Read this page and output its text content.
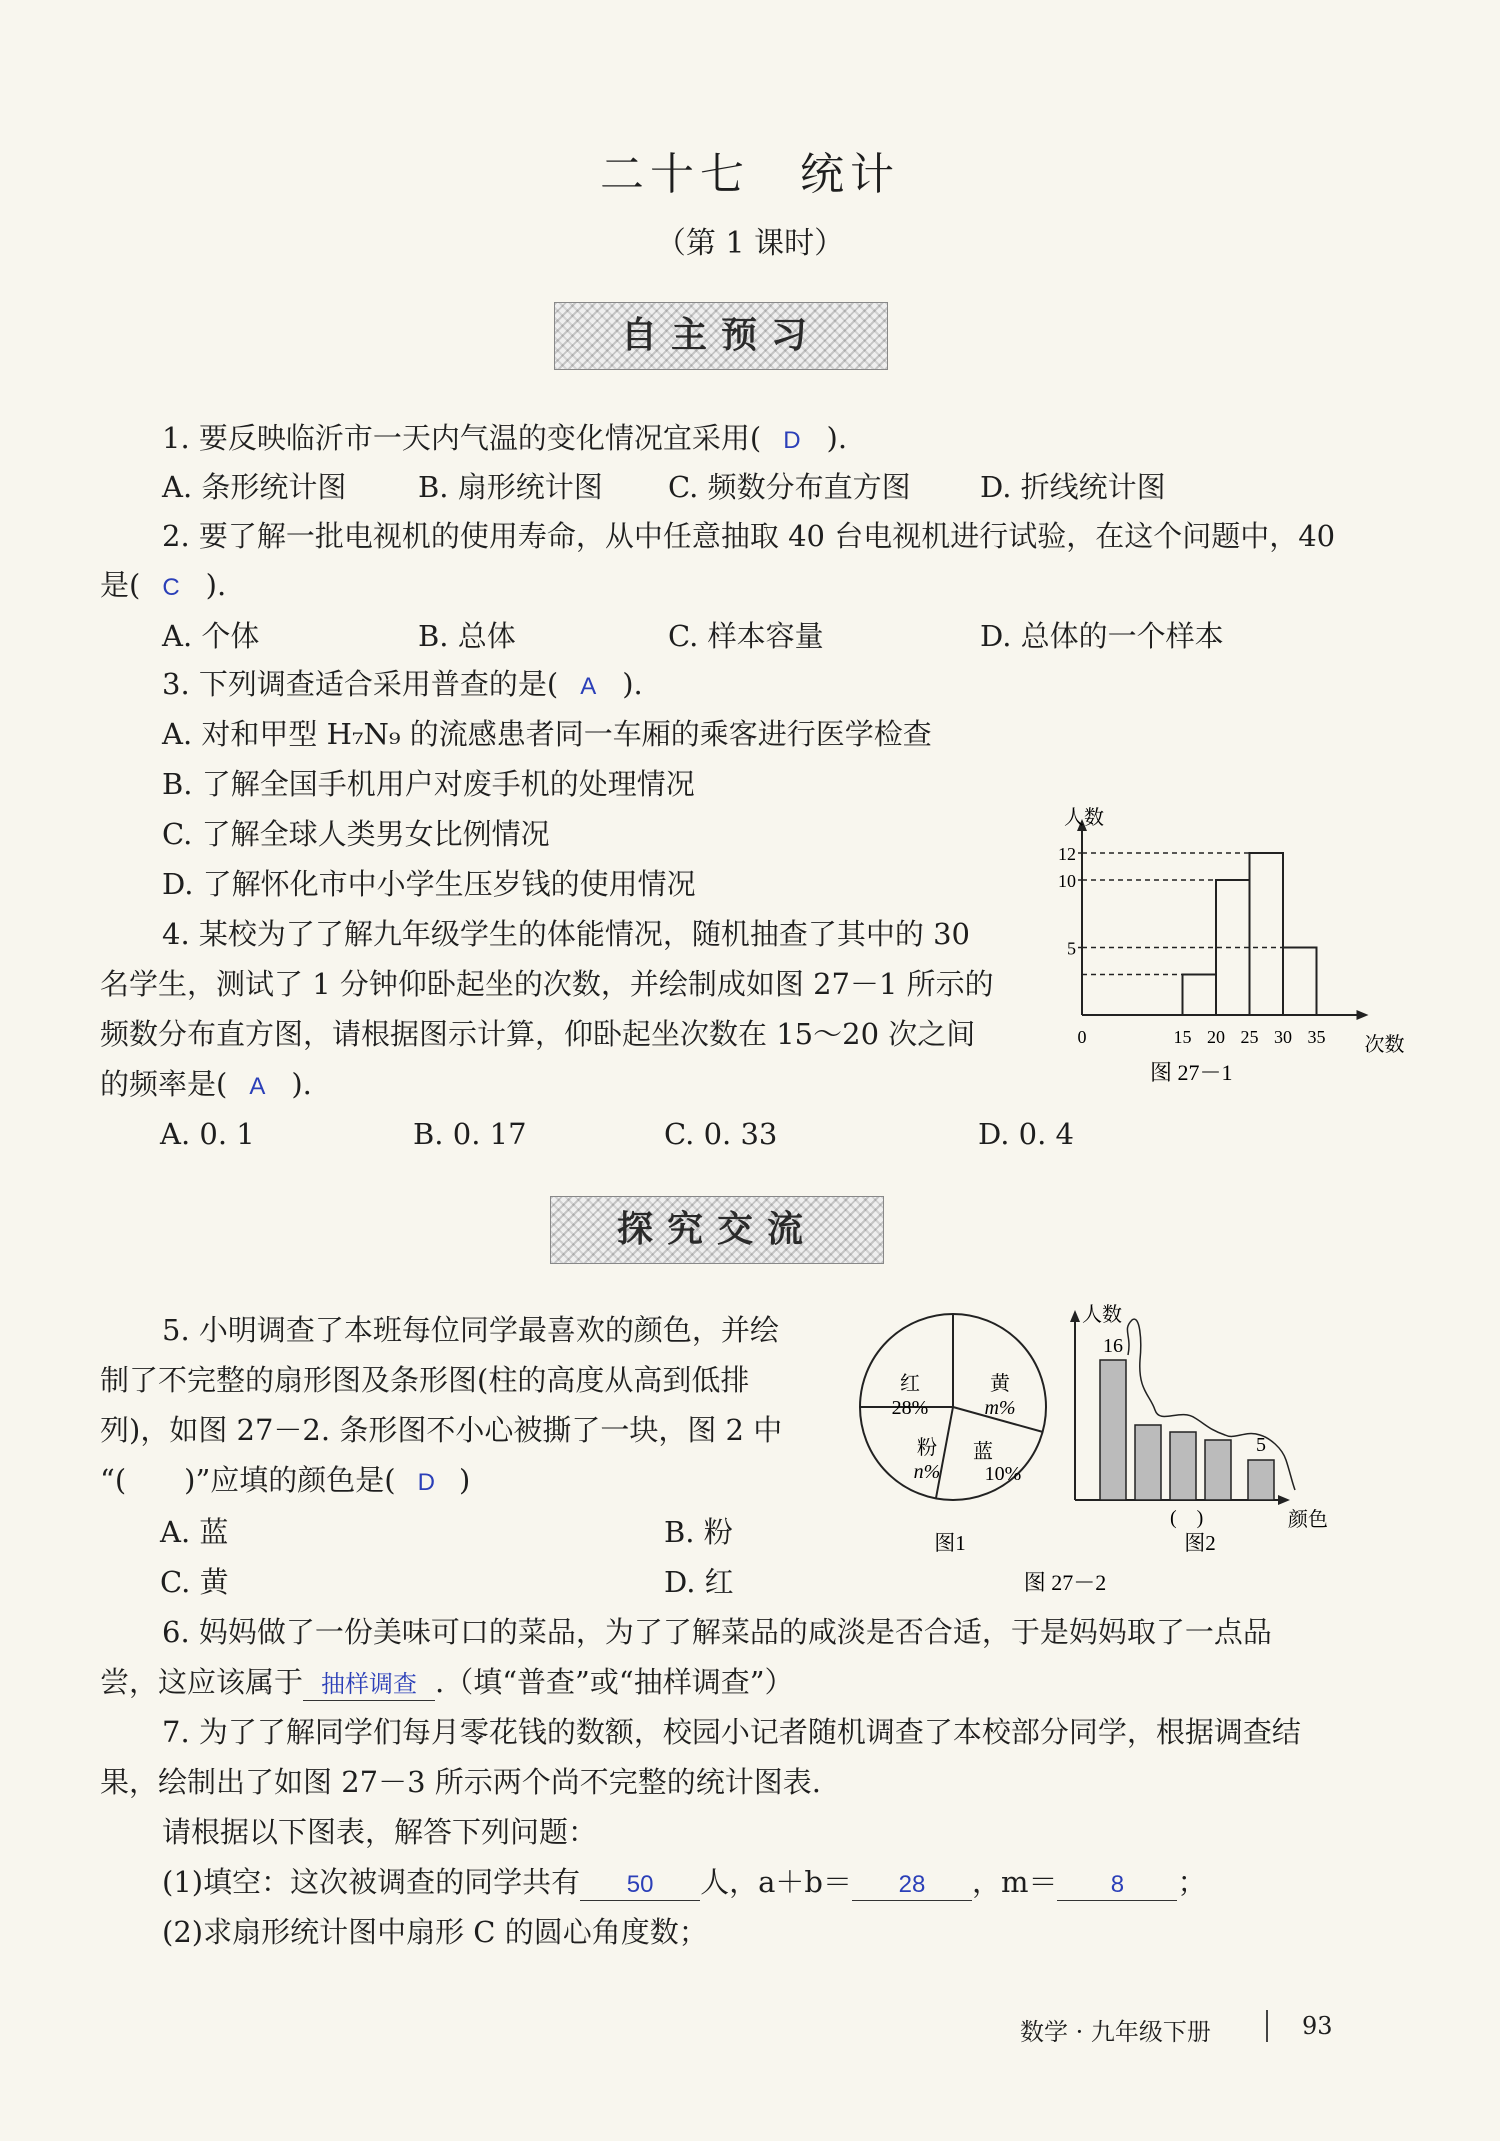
二十七　统计
（第 1 课时）
自主预习
1. 要反映临沂市一天内气温的变化情况宜采用( D ).
A. 条形统计图 B. 扇形统计图 C. 频数分布直方图 D. 折线统计图
2. 要了解一批电视机的使用寿命，从中任意抽取 40 台电视机进行试验，在这个问题中，40
是( C ).
A. 个体	B. 总体	C. 样本容量	D. 总体的一个样本
3. 下列调查适合采用普查的是( A ).
A. 对和甲型 H₇N₉ 的流感患者同一车厢的乘客进行医学检查
B. 了解全国手机用户对废手机的处理情况
C. 了解全球人类男女比例情况
D. 了解怀化市中小学生压岁钱的使用情况
4. 某校为了了解九年级学生的体能情况，随机抽查了其中的 30
名学生，测试了 1 分钟仰卧起坐的次数，并绘制成如图 27－1 所示的
频数分布直方图，请根据图示计算，仰卧起坐次数在 15～20 次之间
的频率是( A ).
A. 0. 1	B. 0. 17	C. 0. 33	D. 0. 4
人数
次数
5
10
12
0	15 20 25 30 35
图 27－1
探究交流
5. 小明调查了本班每位同学最喜欢的颜色，并绘
制了不完整的扇形图及条形图(柱的高度从高到低排
列)，如图 27－2. 条形图不小心被撕了一块，图 2 中
“(　　)”应填的颜色是( D )
A. 蓝	B. 粉
C. 黄	D. 红
红
28%
黄
m%
粉
n%
蓝
10%
图1
人数
16
5
(　)	颜色
图2
图 27－2
6. 妈妈做了一份美味可口的菜品，为了了解菜品的咸淡是否合适，于是妈妈取了一点品
尝，这应该属于 抽样调查 .（填“普查”或“抽样调查”）
7. 为了了解同学们每月零花钱的数额，校园小记者随机调查了本校部分同学，根据调查结
果，绘制出了如图 27－3 所示两个尚不完整的统计图表.
请根据以下图表，解答下列问题：
(1)填空：这次被调查的同学共有 50 人，a＋b＝ 28 ，m＝ 8 ；
(2)求扇形统计图中扇形 C 的圆心角度数；
数学 · 九年级下册	93
